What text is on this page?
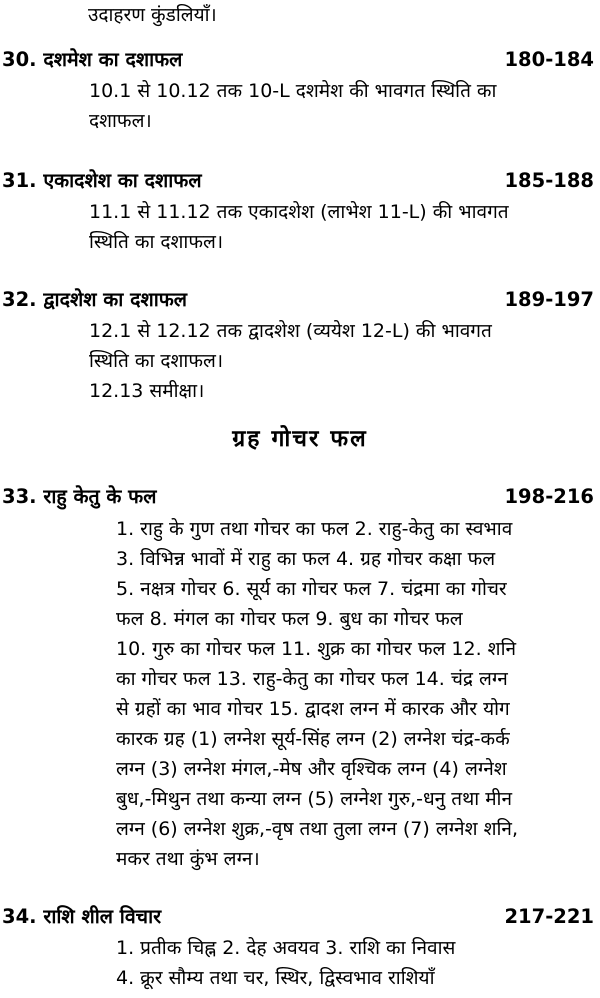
उदाहरण कुंडलियाँ।
30. दशमेश का दशाफल	180-184
10.1 से 10.12 तक 10-L दशमेश की भावगत स्थिति का
दशाफल।
31. एकादशेश का दशाफल	185-188
11.1 से 11.12 तक एकादशेश (लाभेश 11-L) की भावगत
स्थिति का दशाफल।
32. द्वादशेश का दशाफल	189-197
12.1 से 12.12 तक द्वादशेश (व्ययेश 12-L) की भावगत
स्थिति का दशाफल।
12.13 समीक्षा।
ग्रह गोचर फल
33. राहु केतु के फल	198-216
1. राहु के गुण तथा गोचर का फल 2. राहु-केतु का स्वभाव
3. विभिन्न भावों में राहु का फल 4. ग्रह गोचर कक्षा फल
5. नक्षत्र गोचर 6. सूर्य का गोचर फल 7. चंद्रमा का गोचर
फल 8. मंगल का गोचर फल 9. बुध का गोचर फल
10. गुरु का गोचर फल 11. शुक्र का गोचर फल 12. शनि
का गोचर फल 13. राहु-केतु का गोचर फल 14. चंद्र लग्न
से ग्रहों का भाव गोचर 15. द्वादश लग्न में कारक और योग
कारक ग्रह (1) लग्नेश सूर्य-सिंह लग्न (2) लग्नेश चंद्र-कर्क
लग्न (3) लग्नेश मंगल,-मेष और वृश्चिक लग्न (4) लग्नेश
बुध,-मिथुन तथा कन्या लग्न (5) लग्नेश गुरु,-धनु तथा मीन
लग्न (6) लग्नेश शुक्र,-वृष तथा तुला लग्न (7) लग्नेश शनि,
मकर तथा कुंभ लग्न।
34. राशि शील विचार	217-221
1. प्रतीक चिह्न 2. देह अवयव 3. राशि का निवास
4. क्रूर सौम्य तथा चर, स्थिर, द्विस्वभाव राशियाँ
